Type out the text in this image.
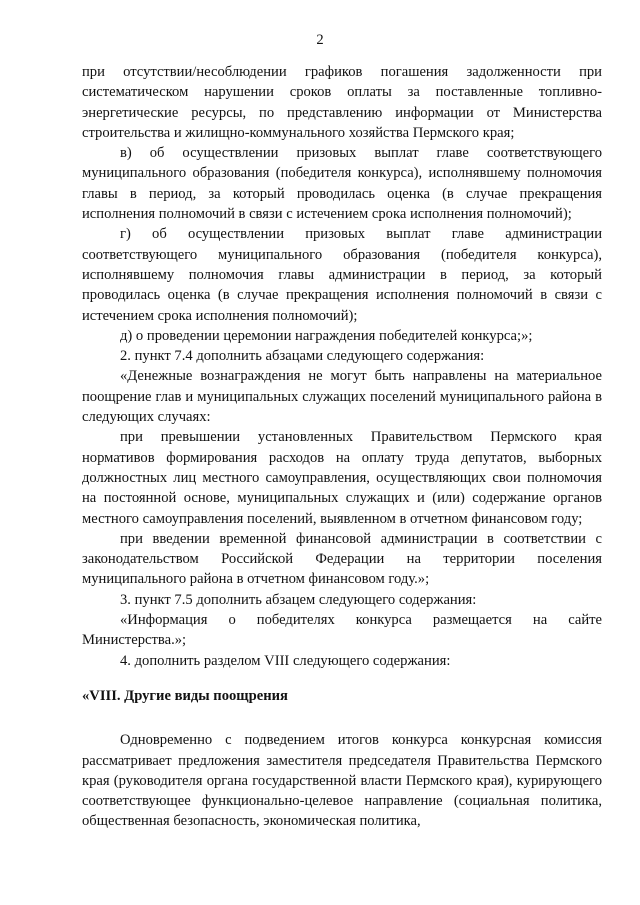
2

при отсутствии/несоблюдении графиков погашения задолженности при систематическом нарушении сроков оплаты за поставленные топливно-энергетические ресурсы, по представлению информации от Министерства строительства и жилищно-коммунального хозяйства Пермского края;

в) об осуществлении призовых выплат главе соответствующего муниципального образования (победителя конкурса), исполнявшему полномочия главы в период, за который проводилась оценка (в случае прекращения исполнения полномочий в связи с истечением срока исполнения полномочий);

г) об осуществлении призовых выплат главе администрации соответствующего муниципального образования (победителя конкурса), исполнявшему полномочия главы администрации в период, за который проводилась оценка (в случае прекращения исполнения полномочий в связи с истечением срока исполнения полномочий);

д) о проведении церемонии награждения победителей конкурса;»;

2. пункт 7.4 дополнить абзацами следующего содержания:

«Денежные вознаграждения не могут быть направлены на материальное поощрение глав и муниципальных служащих поселений муниципального района в следующих случаях:

при превышении установленных Правительством Пермского края нормативов формирования расходов на оплату труда депутатов, выборных должностных лиц местного самоуправления, осуществляющих свои полномочия на постоянной основе, муниципальных служащих и (или) содержание органов местного самоуправления поселений, выявленном в отчетном финансовом году;

при введении временной финансовой администрации в соответствии с законодательством Российской Федерации на территории поселения муниципального района в отчетном финансовом году.»;

3. пункт 7.5 дополнить абзацем следующего содержания:

«Информация о победителях конкурса размещается на сайте Министерства.»;

4. дополнить разделом VIII следующего содержания:

«VIII. Другие виды поощрения

Одновременно с подведением итогов конкурса конкурсная комиссия рассматривает предложения заместителя председателя Правительства Пермского края (руководителя органа государственной власти Пермского края), курирующего соответствующее функционально-целевое направление (социальная политика, общественная безопасность, экономическая политика,
